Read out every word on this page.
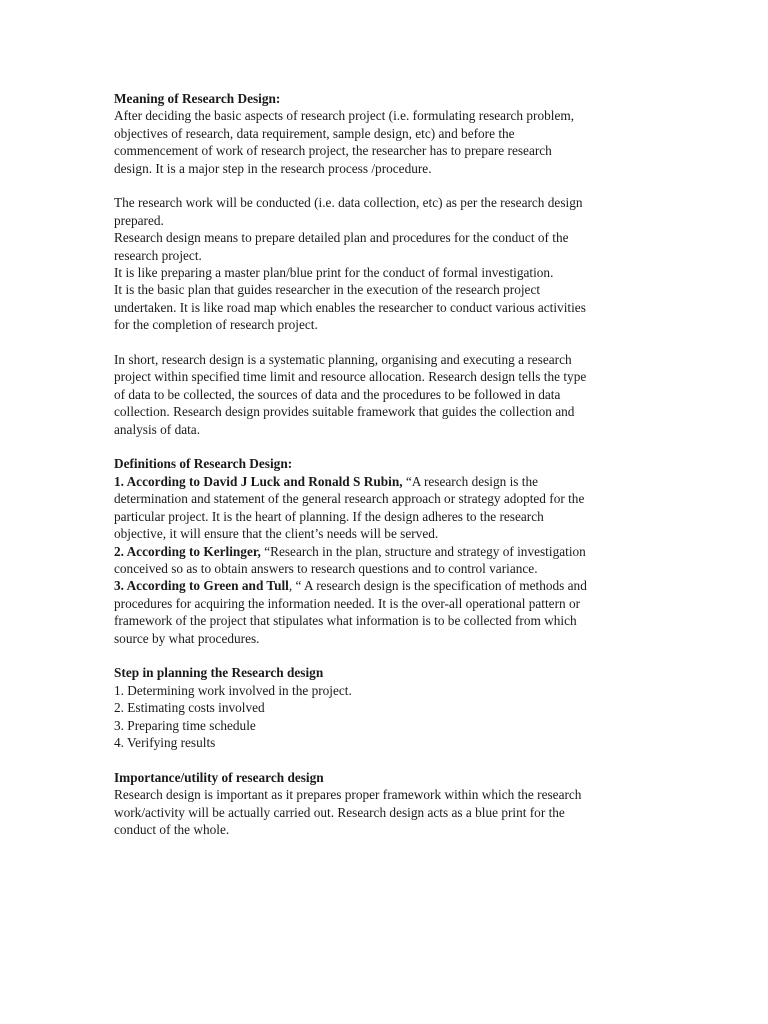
Meaning of Research Design:
After deciding the basic aspects of research project (i.e. formulating research problem,
objectives of research, data requirement, sample design, etc) and before the
commencement of work of research project, the researcher has to prepare research
design. It is a major step in the research process /procedure.
The research work will be conducted (i.e. data collection, etc) as per the research design
prepared.
Research design means to prepare detailed plan and procedures for the conduct of the
research project.
It is like preparing a master plan/blue print for the conduct of formal investigation.
It is the basic plan that guides researcher in the execution of the research project
undertaken. It is like road map which enables the researcher to conduct various activities
for the completion of research project.
In short, research design is a systematic planning, organising and executing a research
project within specified time limit and resource allocation. Research design tells the type
of data to be collected, the sources of data and the procedures to be followed in data
collection. Research design provides suitable framework that guides the collection and
analysis of data.
Definitions of Research Design:
1. According to David J Luck and Ronald S Rubin, “A research design is the
determination and statement of the general research approach or strategy adopted for the
particular project. It is the heart of planning. If the design adheres to the research
objective, it will ensure that the client’s needs will be served.
2. According to Kerlinger, “Research in the plan, structure and strategy of investigation
conceived so as to obtain answers to research questions and to control variance.
3. According to Green and Tull, “ A research design is the specification of methods and
procedures for acquiring the information needed. It is the over-all operational pattern or
framework of the project that stipulates what information is to be collected from which
source by what procedures.
Step in planning the Research design
1. Determining work involved in the project.
2. Estimating costs involved
3. Preparing time schedule
4. Verifying results
Importance/utility of research design
Research design is important as it prepares proper framework within which the research
work/activity will be actually carried out. Research design acts as a blue print for the
conduct of the whole.
